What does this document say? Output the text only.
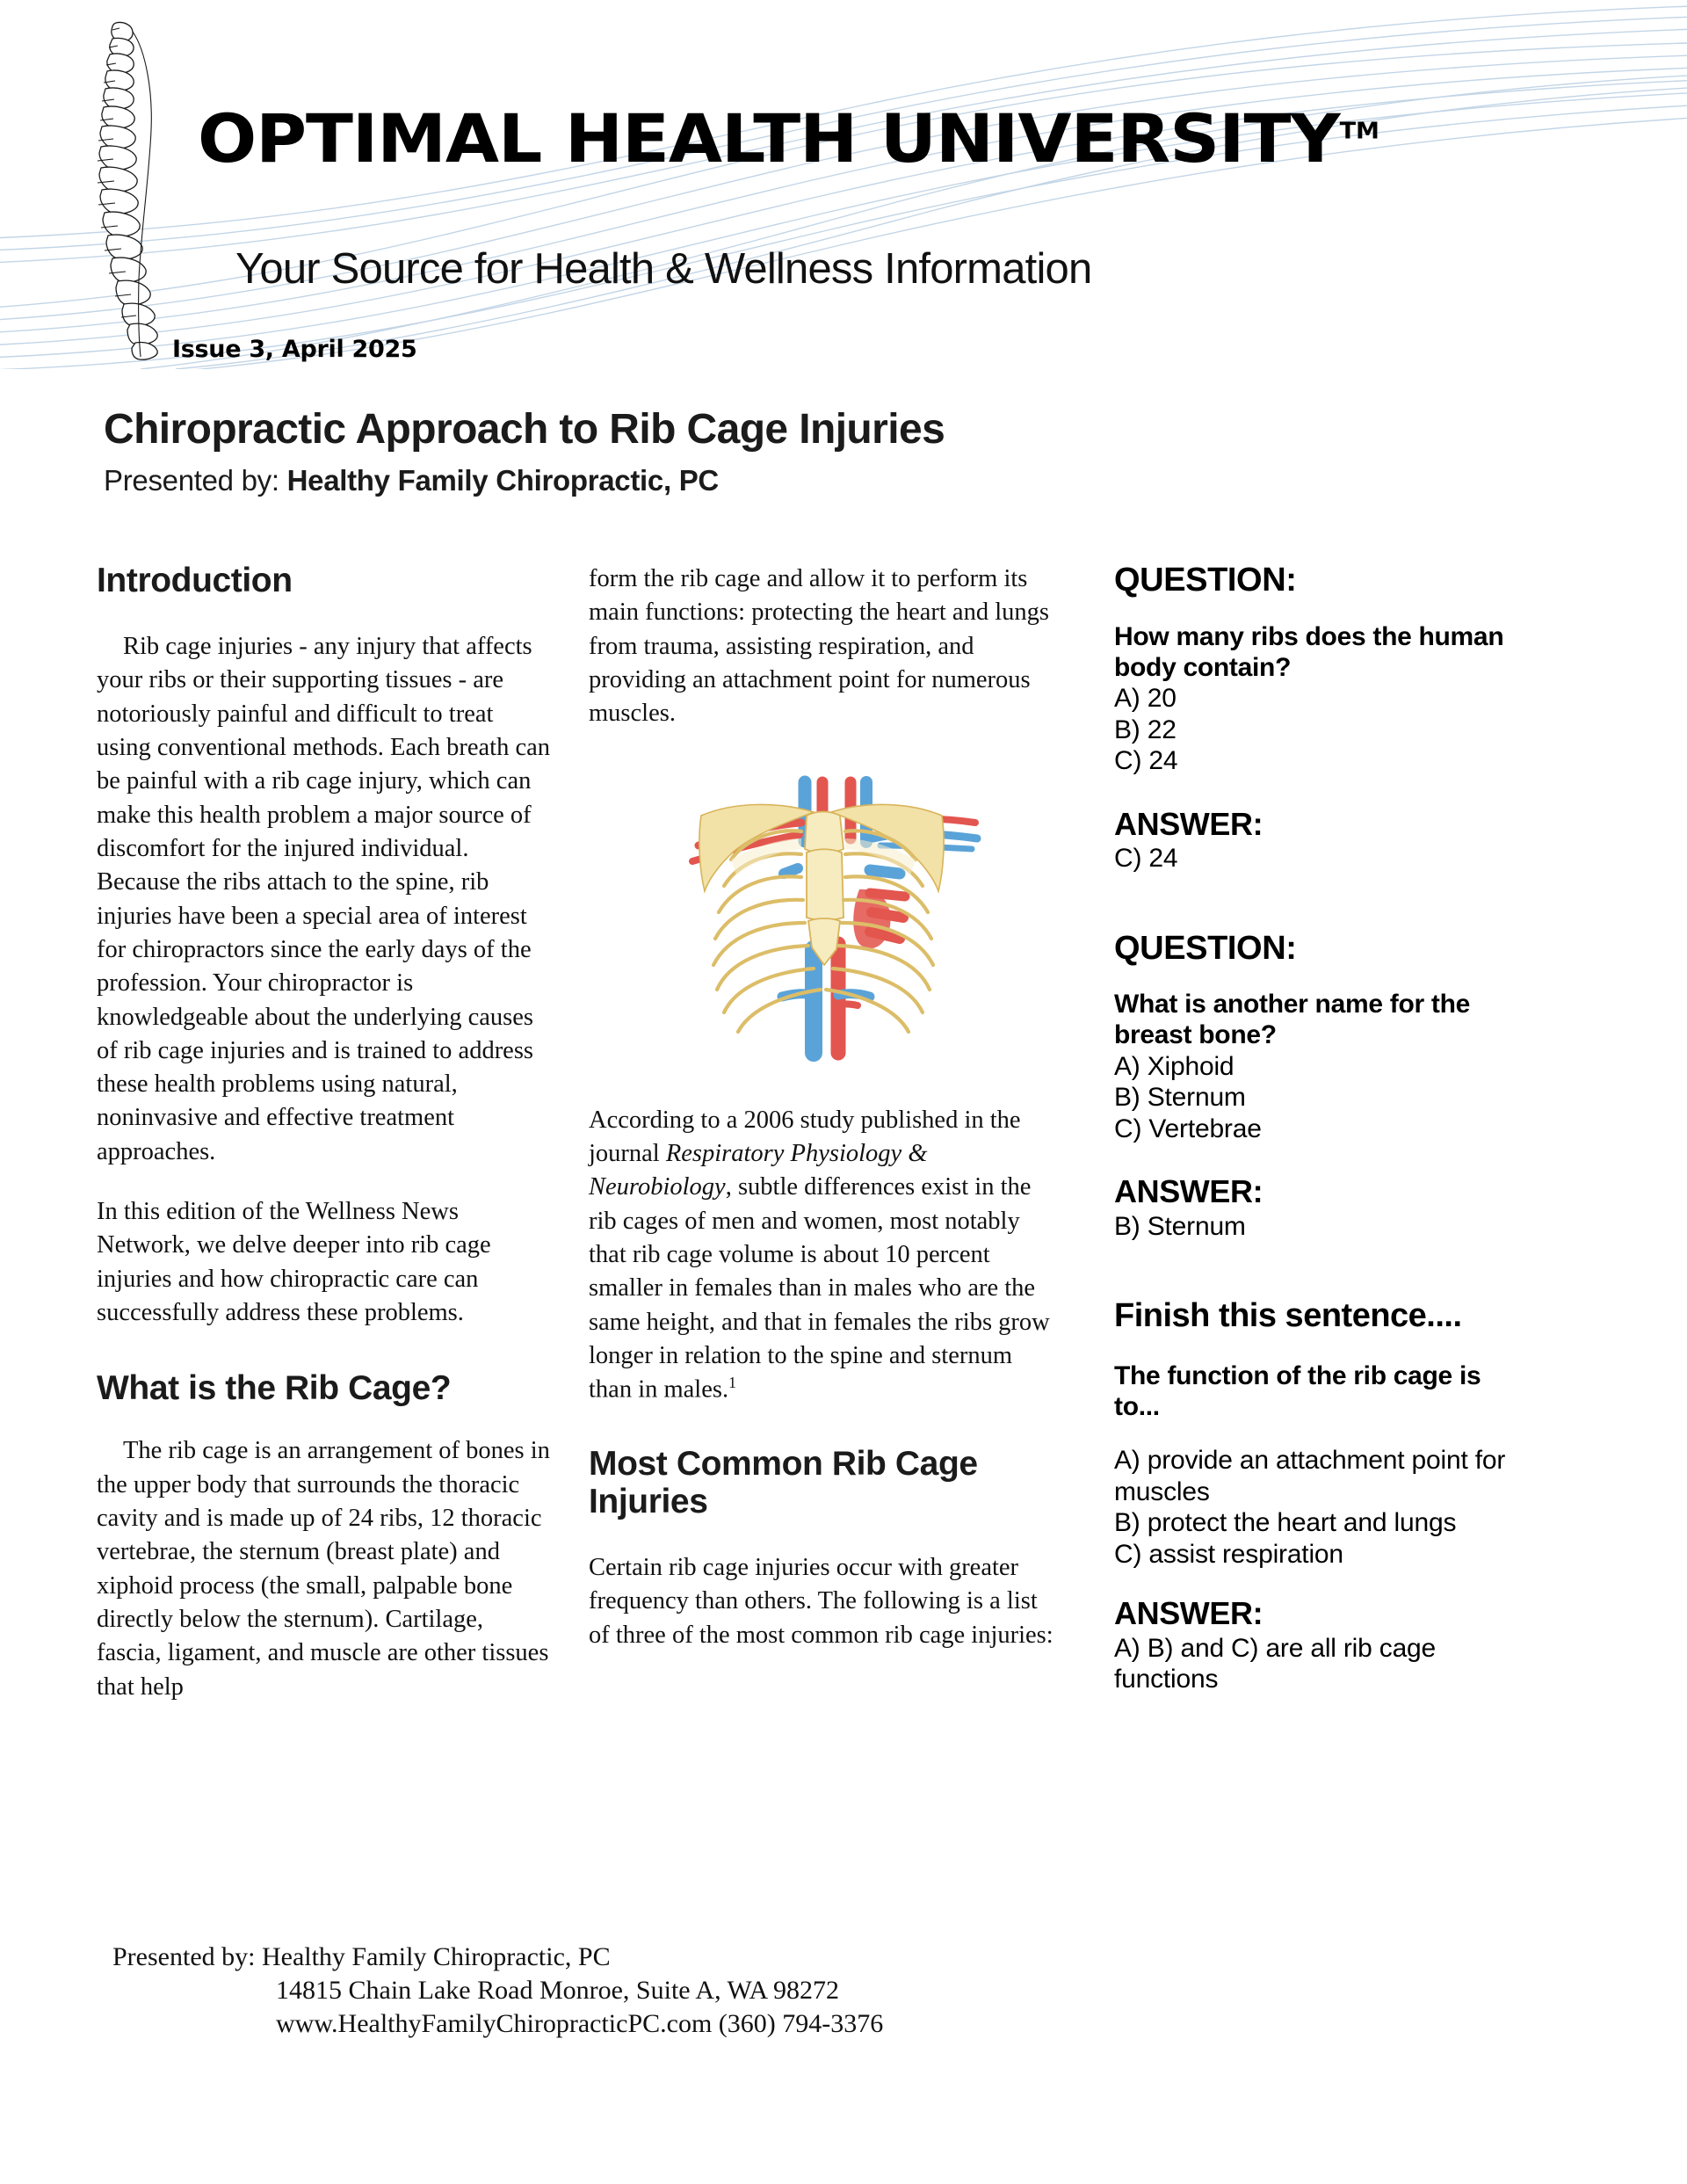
OPTIMAL HEALTH UNIVERSITY™
Your Source for Health & Wellness Information
Issue 3, April 2025
Chiropractic Approach to Rib Cage Injuries
Presented by: Healthy Family Chiropractic, PC
Introduction

Rib cage injuries - any injury that affects your ribs or their supporting tissues - are notoriously painful and difficult to treat using conventional methods. Each breath can be painful with a rib cage injury, which can make this health problem a major source of discomfort for the injured individual. Because the ribs attach to the spine, rib injuries have been a special area of interest for chiropractors since the early days of the profession. Your chiropractor is knowledgeable about the underlying causes of rib cage injuries and is trained to address these health problems using natural, noninvasive and effective treatment approaches.

In this edition of the Wellness News Network, we delve deeper into rib cage injuries and how chiropractic care can successfully address these problems.

What is the Rib Cage?

The rib cage is an arrangement of bones in the upper body that surrounds the thoracic cavity and is made up of 24 ribs, 12 thoracic vertebrae, the sternum (breast plate) and xiphoid process (the small, palpable bone directly below the sternum). Cartilage, fascia, ligament, and muscle are other tissues that help

form the rib cage and allow it to perform its main functions: protecting the heart and lungs from trauma, assisting respiration, and providing an attachment point for numerous muscles.

According to a 2006 study published in the journal Respiratory Physiology & Neurobiology, subtle differences exist in the rib cages of men and women, most notably that rib cage volume is about 10 percent smaller in females than in males who are the same height, and that in females the ribs grow longer in relation to the spine and sternum than in males.$^1$

Most Common Rib Cage Injuries

Certain rib cage injuries occur with greater frequency than others. The following is a list of three of the most common rib cage injuries:

QUESTION:

How many ribs does the human body contain?

A) 20
B) 22
C) 24

ANSWER:

C) 24

QUESTION:

What is another name for the breast bone?

A) Xiphoid
B) Sternum
C) Vertebrae

ANSWER:

B) Sternum

Finish this sentence....

The function of the rib cage is to...

A) provide an attachment point for muscles
B) protect the heart and lungs
C) assist respiration

ANSWER:

A) B) and C) are all rib cage functions

Presented by: Healthy Family Chiropractic, PC

14815 Chain Lake Road Monroe, Suite A, WA 98272

www.HealthyFamilyChiropracticPC.com (360) 794-3376
